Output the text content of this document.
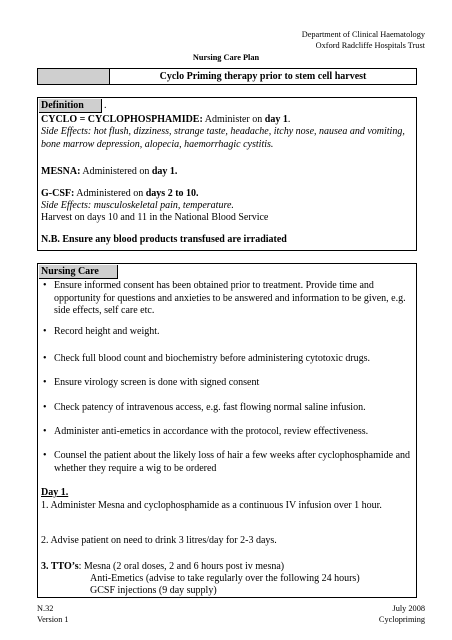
Department of Clinical Haematology
Oxford Radcliffe Hospitals Trust
Nursing Care Plan
Cyclo Priming therapy prior to stem cell harvest
Definition	.
CYCLO = CYCLOPHOSPHAMIDE: Administer on day 1.
Side Effects: hot flush, dizziness, strange taste, headache, itchy nose, nausea and vomiting, bone marrow depression, alopecia, haemorrhagic cystitis.
MESNA: Administered on day 1.
G-CSF: Administered on days 2 to 10.
Side Effects: musculoskeletal pain, temperature.
Harvest on days 10 and 11 in the National Blood Service
N.B. Ensure any blood products transfused are irradiated
Nursing Care
• Ensure informed consent has been obtained prior to treatment. Provide time and opportunity for questions and anxieties to be answered and information to be given, e.g. side effects, self care etc.
• Record height and weight.
• Check full blood count and biochemistry before administering cytotoxic drugs.
• Ensure virology screen is done with signed consent
• Check patency of intravenous access, e.g. fast flowing normal saline infusion.
• Administer anti-emetics in accordance with the protocol, review effectiveness.
• Counsel the patient about the likely loss of hair a few weeks after cyclophosphamide and whether they require a wig to be ordered
Day 1.
1. Administer Mesna and cyclophosphamide as a continuous IV infusion over 1 hour.
2. Advise patient on need to drink 3 litres/day for 2-3 days.
3. TTO’s: Mesna (2 oral doses, 2 and 6 hours post iv mesna)
Anti-Emetics (advise to take regularly over the following 24 hours)
GCSF injections (9 day supply)
N.32
Version 1
July 2008
Cyclopriming
